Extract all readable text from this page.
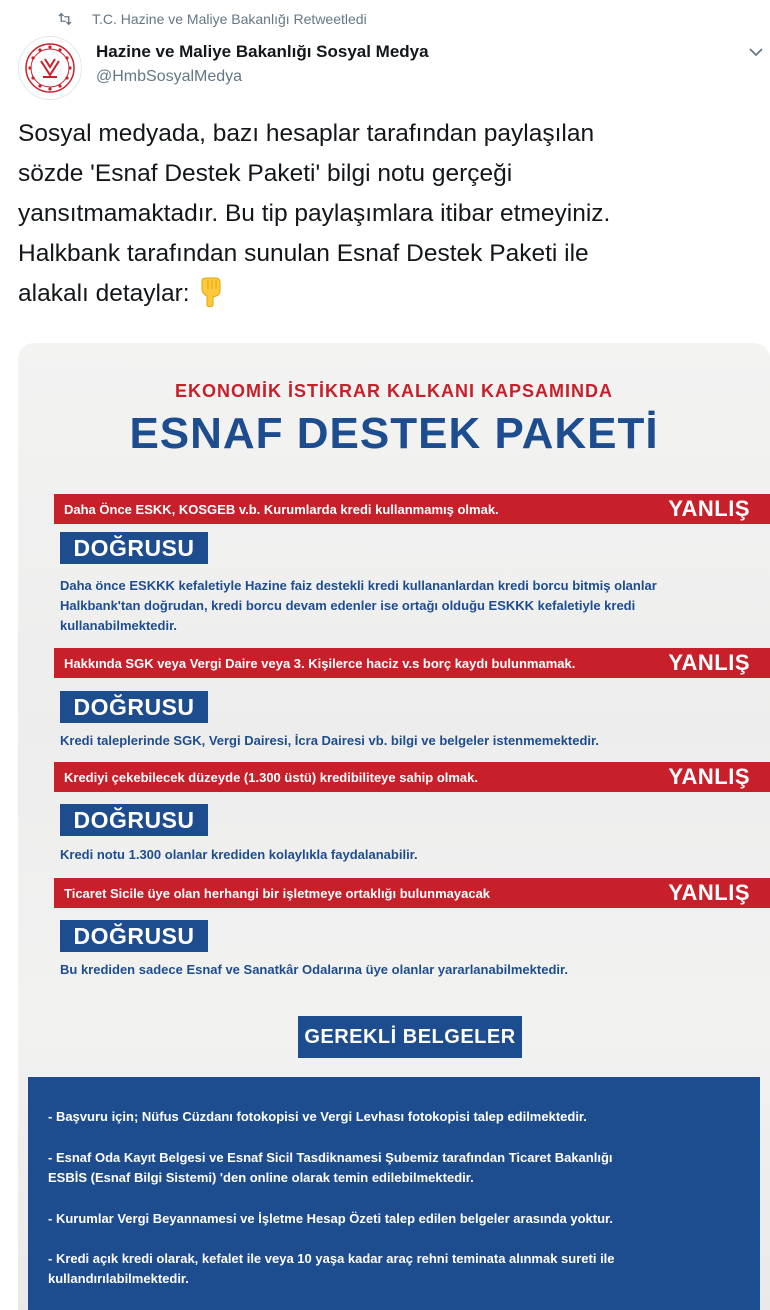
T.C. Hazine ve Maliye Bakanlığı Retweetledi
Hazine ve Maliye Bakanlığı Sosyal Medya
@HmbSosyalMedya

Sosyal medyada, bazı hesaplar tarafından paylaşılan

sözde 'Esnaf Destek Paketi' bilgi notu gerçeği

yansıtmamaktadır. Bu tip paylaşımlara itibar etmeyiniz.

Halkbank tarafından sunulan Esnaf Destek Paketi ile

alakalı detaylar:

EKONOMİK İSTİKRAR KALKANI KAPSAMINDA
ESNAF DESTEK PAKETİ
Daha Önce ESKK, KOSGEB v.b. Kurumlarda kredi kullanmamış olmak.	YANLIŞ
DOĞRUSU
Daha önce ESKKK kefaletiyle Hazine faiz destekli kredi kullananlardan kredi borcu bitmiş olanlar
Halkbank'tan doğrudan, kredi borcu devam edenler ise ortağı olduğu ESKKK kefaletiyle kredi
kullanabilmektedir.
Hakkında SGK veya Vergi Daire veya 3. Kişilerce haciz v.s borç kaydı bulunmamak.	YANLIŞ
DOĞRUSU
Kredi taleplerinde SGK, Vergi Dairesi, İcra Dairesi vb. bilgi ve belgeler istenmemektedir.
Krediyi çekebilecek düzeyde (1.300 üstü) kredibiliteye sahip olmak.	YANLIŞ
DOĞRUSU
Kredi notu 1.300 olanlar krediden kolaylıkla faydalanabilir.
Ticaret Sicile üye olan herhangi bir işletmeye ortaklığı bulunmayacak	YANLIŞ
DOĞRUSU
Bu krediden sadece Esnaf ve Sanatkâr Odalarına üye olanlar yararlanabilmektedir.
GEREKLİ BELGELER
- Başvuru için; Nüfus Cüzdanı fotokopisi ve Vergi Levhası fotokopisi talep edilmektedir.
- Esnaf Oda Kayıt Belgesi ve Esnaf Sicil Tasdiknamesi Şubemiz tarafından Ticaret Bakanlığı
ESBİS (Esnaf Bilgi Sistemi) 'den online olarak temin edilebilmektedir.
- Kurumlar Vergi Beyannamesi ve İşletme Hesap Özeti talep edilen belgeler arasında yoktur.
- Kredi açık kredi olarak, kefalet ile veya 10 yaşa kadar araç rehni teminata alınmak sureti ile
kullandırılabilmektedir.
